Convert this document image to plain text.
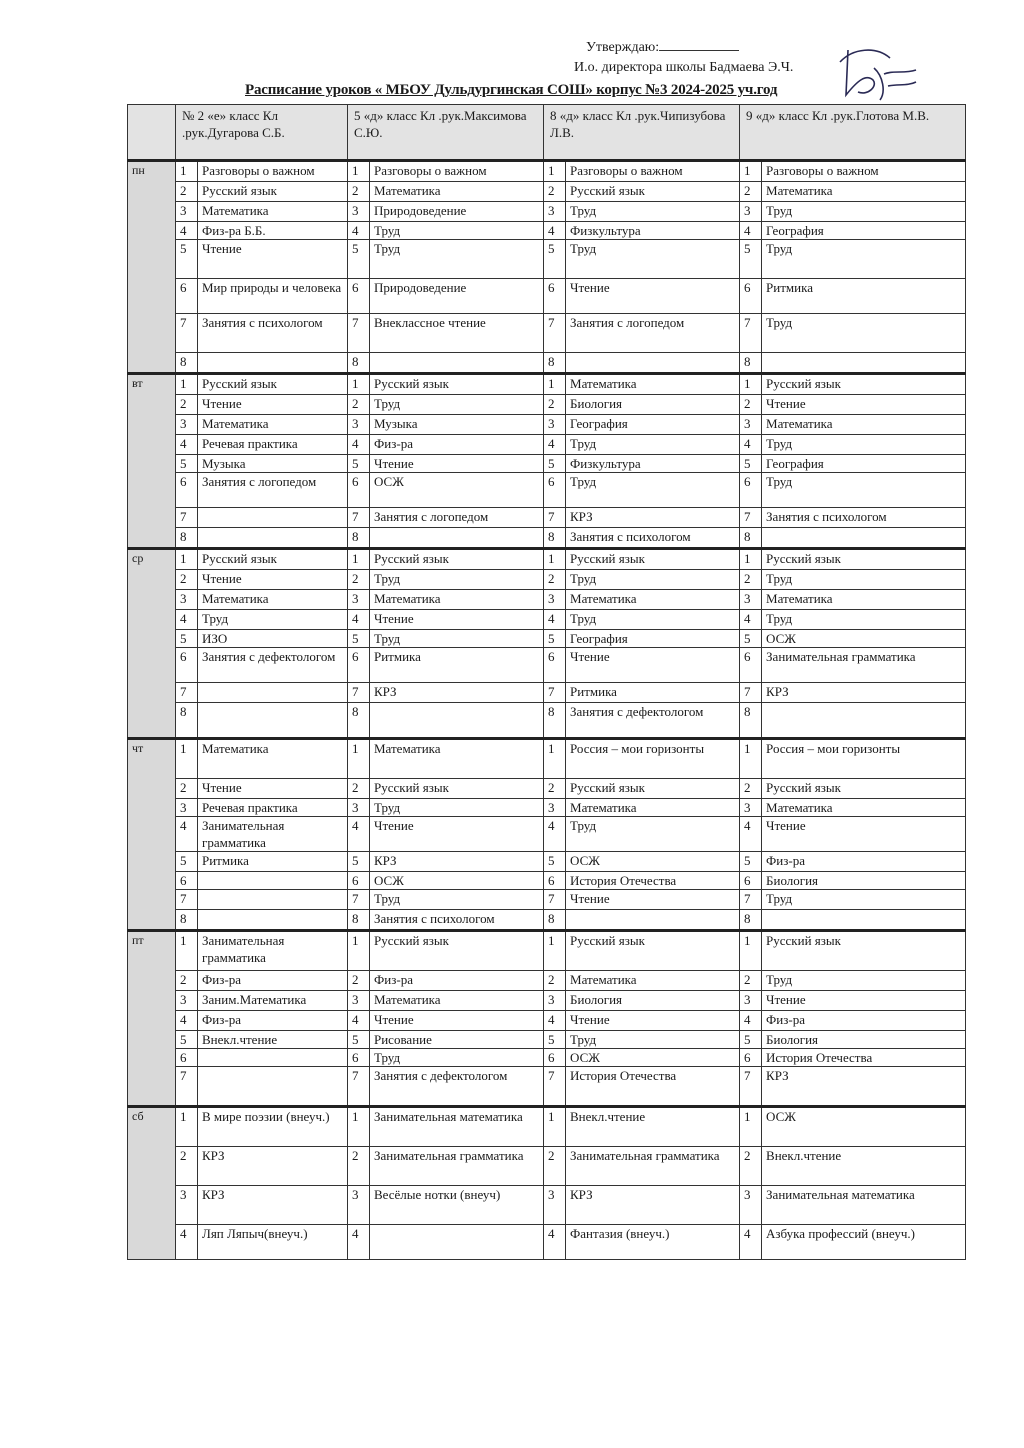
Утверждаю:
И.о. директора школы Бадмаева Э.Ч.
Расписание уроков « МБОУ Дульдургинская СОШ» корпус №3 2024-2025 уч.год
	№ 2 «е» класс Кл .рук.Дугарова С.Б.		5 «д» класс Кл .рук.Максимова С.Ю.		8 «д» класс Кл .рук.Чипизубова Л.В.		9 «д» класс Кл .рук.Глотова М.В.	
пн	1	Разговоры о важном	1	Разговоры о важном	1	Разговоры о важном	1	Разговоры о важном
	2	Русский язык	2	Математика	2	Русский язык	2	Математика
	3	Математика	3	Природоведение	3	Труд	3	Труд
	4	Физ-ра Б.Б.	4	Труд	4	Физкультура	4	География
	5	Чтение	5	Труд	5	Труд	5	Труд
	6	Мир природы и человека	6	Природоведение	6	Чтение	6	Ритмика
	7	Занятия с психологом	7	Внеклассное чтение	7	Занятия с логопедом	7	Труд
	8		8		8		8	
вт	1	Русский язык	1	Русский язык	1	Математика	1	Русский язык
	2	Чтение	2	Труд	2	Биология	2	Чтение
	3	Математика	3	Музыка	3	География	3	Математика
	4	Речевая практика	4	Физ-ра	4	Труд	4	Труд
	5	Музыка	5	Чтение	5	Физкультура	5	География
	6	Занятия с логопедом	6	ОСЖ	6	Труд	6	Труд
	7		7	Занятия с логопедом	7	КРЗ	7	Занятия с психологом
	8		8		8	Занятия с психологом	8	
ср	1	Русский язык	1	Русский язык	1	Русский язык	1	Русский язык
	2	Чтение	2	Труд	2	Труд	2	Труд
	3	Математика	3	Математика	3	Математика	3	Математика
	4	Труд	4	Чтение	4	Труд	4	Труд
	5	ИЗО	5	Труд	5	География	5	ОСЖ
	6	Занятия с дефектологом	6	Ритмика	6	Чтение	6	Занимательная грамматика
	7		7	КРЗ	7	Ритмика	7	КРЗ
	8		8		8	Занятия с дефектологом	8	
чт	1	Математика	1	Математика	1	Россия – мои горизонты	1	Россия – мои горизонты
	2	Чтение	2	Русский язык	2	Русский язык	2	Русский язык
	3	Речевая практика	3	Труд	3	Математика	3	Математика
	4	Занимательная грамматика	4	Чтение	4	Труд	4	Чтение
	5	Ритмика	5	КРЗ	5	ОСЖ	5	Физ-ра
	6		6	ОСЖ	6	История Отечества	6	Биология
	7		7	Труд	7	Чтение	7	Труд
	8		8	Занятия с психологом	8		8	
пт	1	Занимательная грамматика	1	Русский язык	1	Русский язык	1	Русский язык
	2	Физ-ра	2	Физ-ра	2	Математика	2	Труд
	3	Заним.Математика	3	Математика	3	Биология	3	Чтение
	4	Физ-ра	4	Чтение	4	Чтение	4	Физ-ра
	5	Внекл.чтение	5	Рисование	5	Труд	5	Биология
	6		6	Труд	6	ОСЖ	6	История Отечества
	7		7	Занятия с дефектологом	7	История Отечества	7	КРЗ
сб	1	В мире поэзии (внеуч.)	1	Занимательная математика	1	Внекл.чтение	1	ОСЖ
	2	КРЗ	2	Занимательная грамматика	2	Занимательная грамматика	2	Внекл.чтение
	3	КРЗ	3	Весёлые нотки (внеуч)	3	КРЗ	3	Занимательная математика
	4	Ляп Ляпыч(внеуч.)	4		4	Фантазия (внеуч.)	4	Азбука профессий (внеуч.)
